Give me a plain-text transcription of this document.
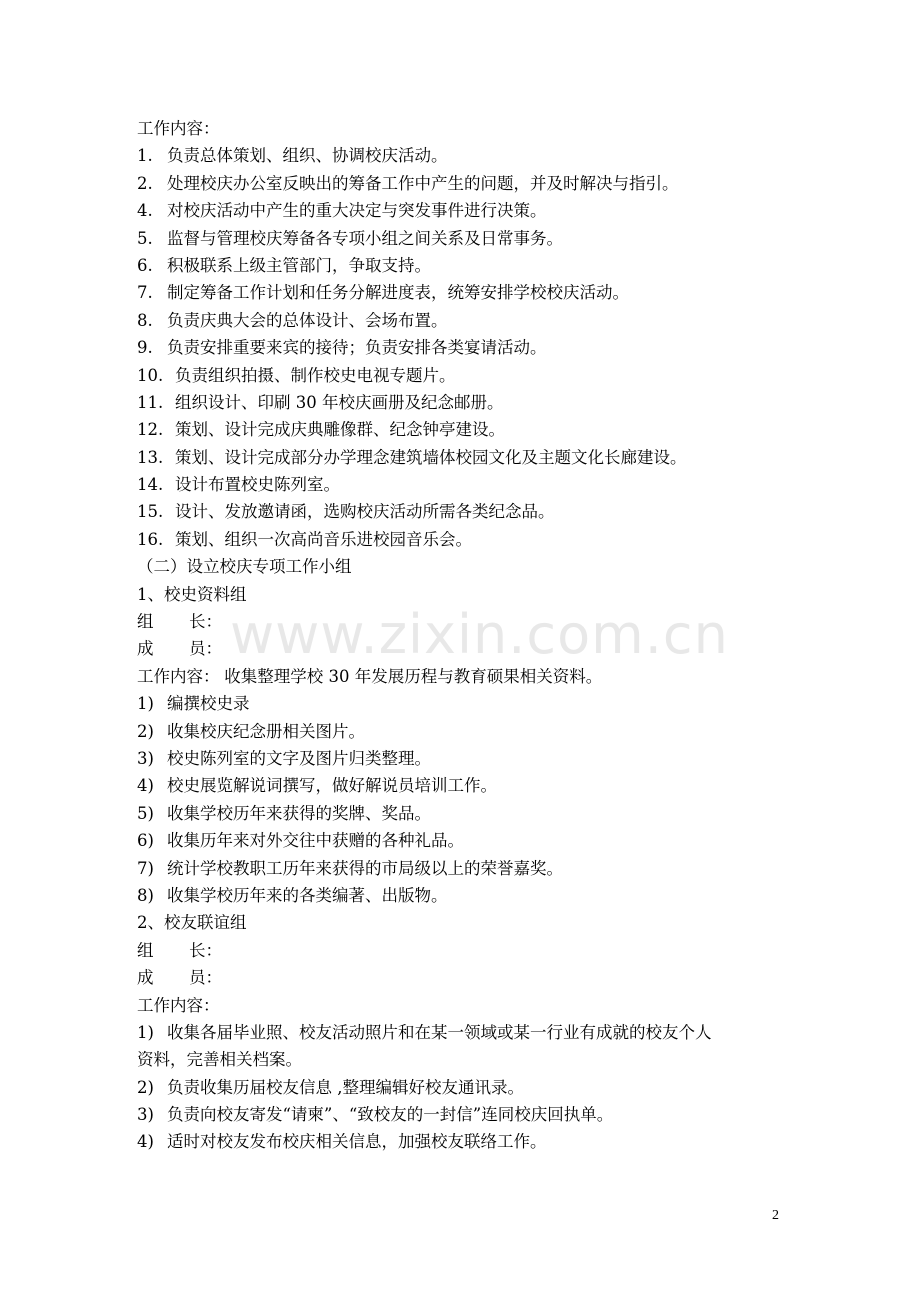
www.zixin.com.cn
工作内容：
1. 负责总体策划、组织、协调校庆活动。
2. 处理校庆办公室反映出的筹备工作中产生的问题，并及时解决与指引。
4. 对校庆活动中产生的重大决定与突发事件进行决策。
5. 监督与管理校庆筹备各专项小组之间关系及日常事务。
6. 积极联系上级主管部门，争取支持。
7. 制定筹备工作计划和任务分解进度表，统筹安排学校校庆活动。
8. 负责庆典大会的总体设计、会场布置。
9. 负责安排重要来宾的接待；负责安排各类宴请活动。
10. 负责组织拍摄、制作校史电视专题片。
11. 组织设计、印刷 30 年校庆画册及纪念邮册。
12. 策划、设计完成庆典雕像群、纪念钟亭建设。
13. 策划、设计完成部分办学理念建筑墙体校园文化及主题文化长廊建设。
14. 设计布置校史陈列室。
15. 设计、发放邀请函，选购校庆活动所需各类纪念品。
16. 策划、组织一次高尚音乐进校园音乐会。
（二）设立校庆专项工作小组
1、校史资料组
组 长：
成 员：
工作内容： 收集整理学校 30 年发展历程与教育硕果相关资料。
1) 编撰校史录
2) 收集校庆纪念册相关图片。
3) 校史陈列室的文字及图片归类整理。
4) 校史展览解说词撰写，做好解说员培训工作。
5) 收集学校历年来获得的奖牌、奖品。
6) 收集历年来对外交往中获赠的各种礼品。
7) 统计学校教职工历年来获得的市局级以上的荣誉嘉奖。
8) 收集学校历年来的各类编著、出版物。
2、校友联谊组
组 长：
成 员：
工作内容：
1) 收集各届毕业照、校友活动照片和在某一领域或某一行业有成就的校友个人
资料，完善相关档案。
2) 负责收集历届校友信息 ,整理编辑好校友通讯录。
3) 负责向校友寄发“请柬”、“致校友的一封信”连同校庆回执单。
4) 适时对校友发布校庆相关信息，加强校友联络工作。
2
